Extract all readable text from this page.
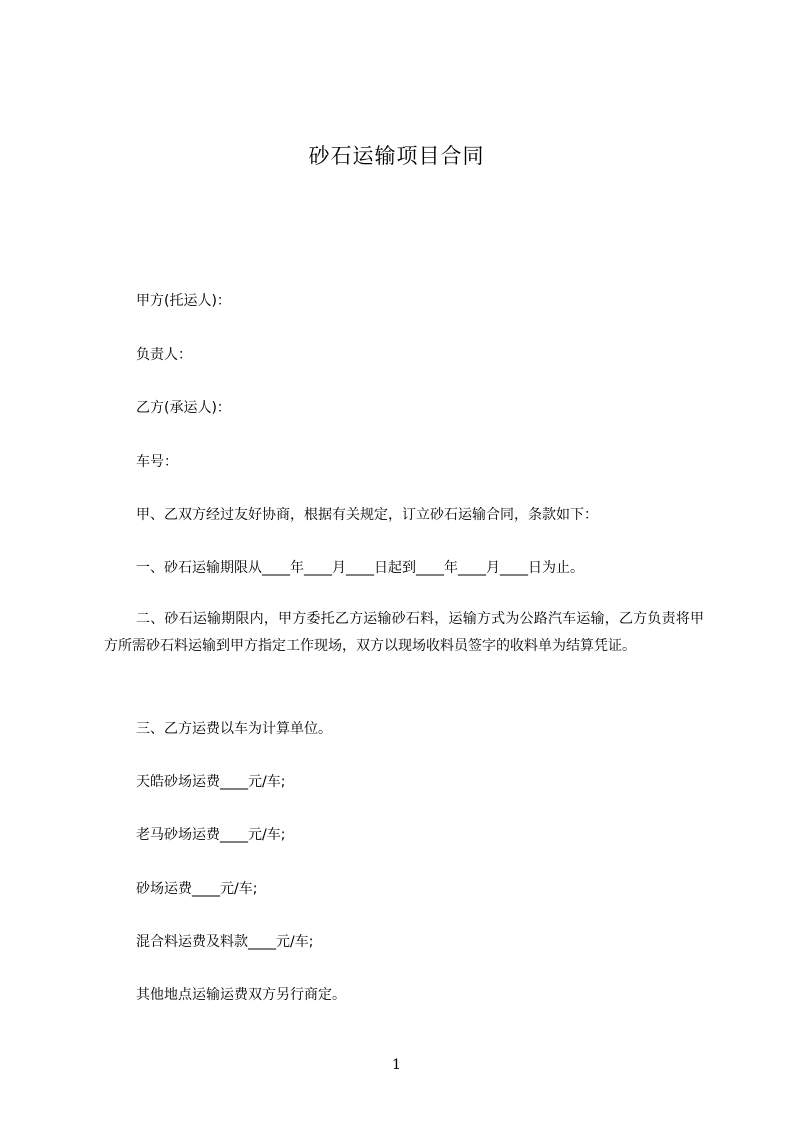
砂石运输项目合同
甲方(托运人)：
负责人：
乙方(承运人)：
车号：
甲、乙双方经过友好协商，根据有关规定，订立砂石运输合同，条款如下：
一、砂石运输期限从____年____月____日起到____年____月____日为止。
二、砂石运输期限内，甲方委托乙方运输砂石料，运输方式为公路汽车运输，乙方负责将甲方所需砂石料运输到甲方指定工作现场，双方以现场收料员签字的收料单为结算凭证。
三、乙方运费以车为计算单位。
天皓砂场运费____元/车;
老马砂场运费____元/车;
砂场运费____元/车;
混合料运费及料款____元/车;
其他地点运输运费双方另行商定。
1
